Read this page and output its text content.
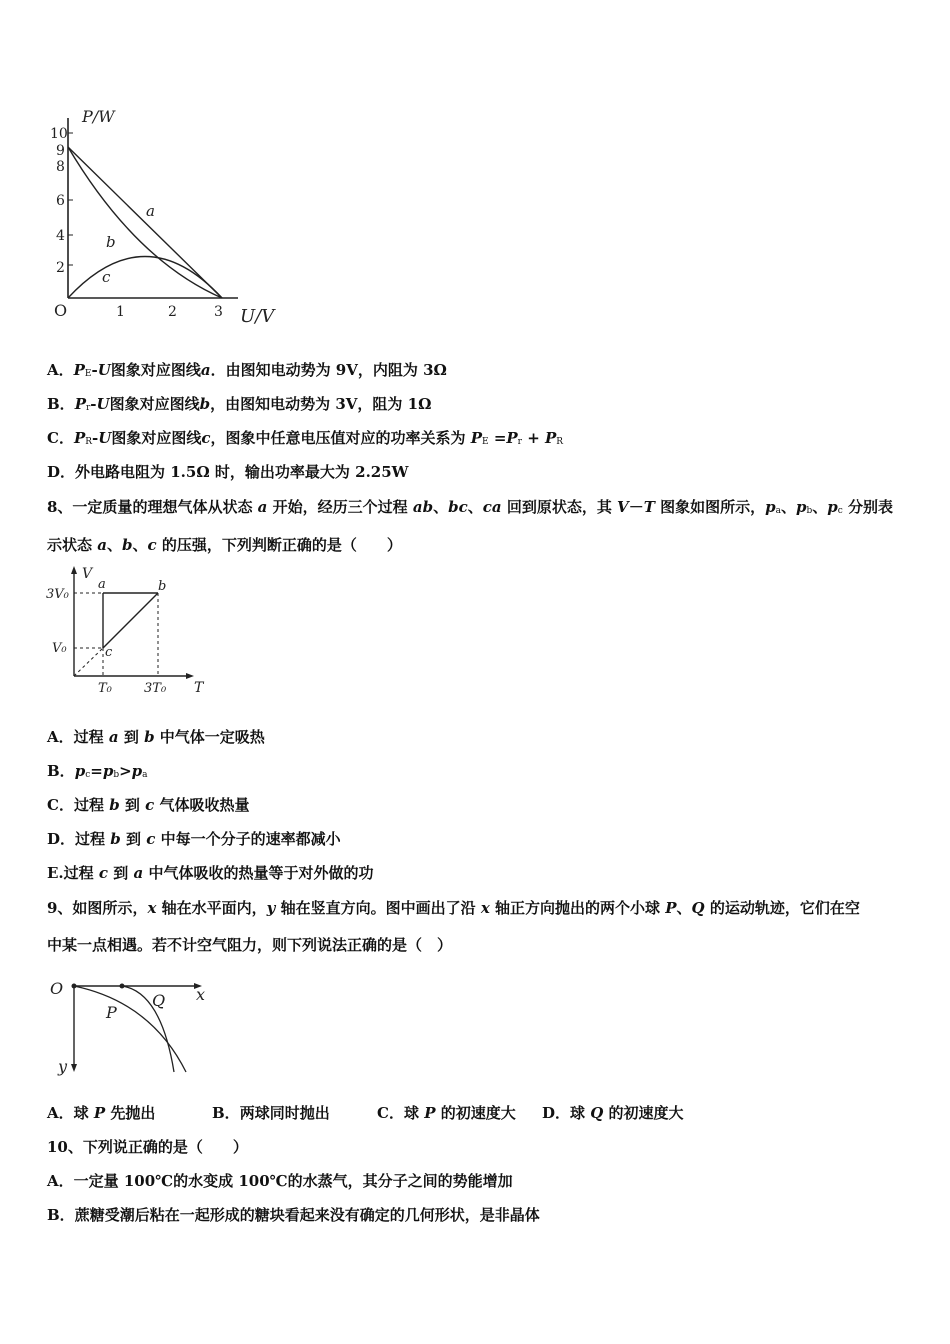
P/W
U/V
10
9
8
6
4
2
O	1	2	3
a
b
c
A．PE-U图象对应图线a．由图知电动势为 9V，内阻为 3Ω
B．Pr-U图象对应图线b，由图知电动势为 3V，阻为 1Ω
C．PR-U图象对应图线c，图象中任意电压值对应的功率关系为 PE =Pr + PR
D．外电路电阻为 1.5Ω 时，输出功率最大为 2.25W
8、一定质量的理想气体从状态 a 开始，经历三个过程 ab、bc、ca 回到原状态，其 V－T 图象如图所示，pa、pb、pc 分别表
示状态 a、b、c 的压强，下列判断正确的是（　　）
V
T
3V₀
V₀
T₀ 3T₀
a	b
c
A．过程 a 到 b 中气体一定吸热
B．pc=pb>pa
C．过程 b 到 c 气体吸收热量
D．过程 b 到 c 中每一个分子的速率都减小
E.过程 c 到 a 中气体吸收的热量等于对外做的功
9、如图所示，x 轴在水平面内，y 轴在竖直方向。图中画出了沿 x 轴正方向抛出的两个小球 P、Q 的运动轨迹，它们在空
中某一点相遇。若不计空气阻力，则下列说法正确的是（　）
O	x
y
P
Q
A．球 P 先抛出	B．两球同时抛出	C．球 P 的初速度大 D．球 Q 的初速度大
10、下列说正确的是（　　）
A．一定量 100℃的水变成 100℃的水蒸气，其分子之间的势能增加
B．蔗糖受潮后粘在一起形成的糖块看起来没有确定的几何形状，是非晶体
